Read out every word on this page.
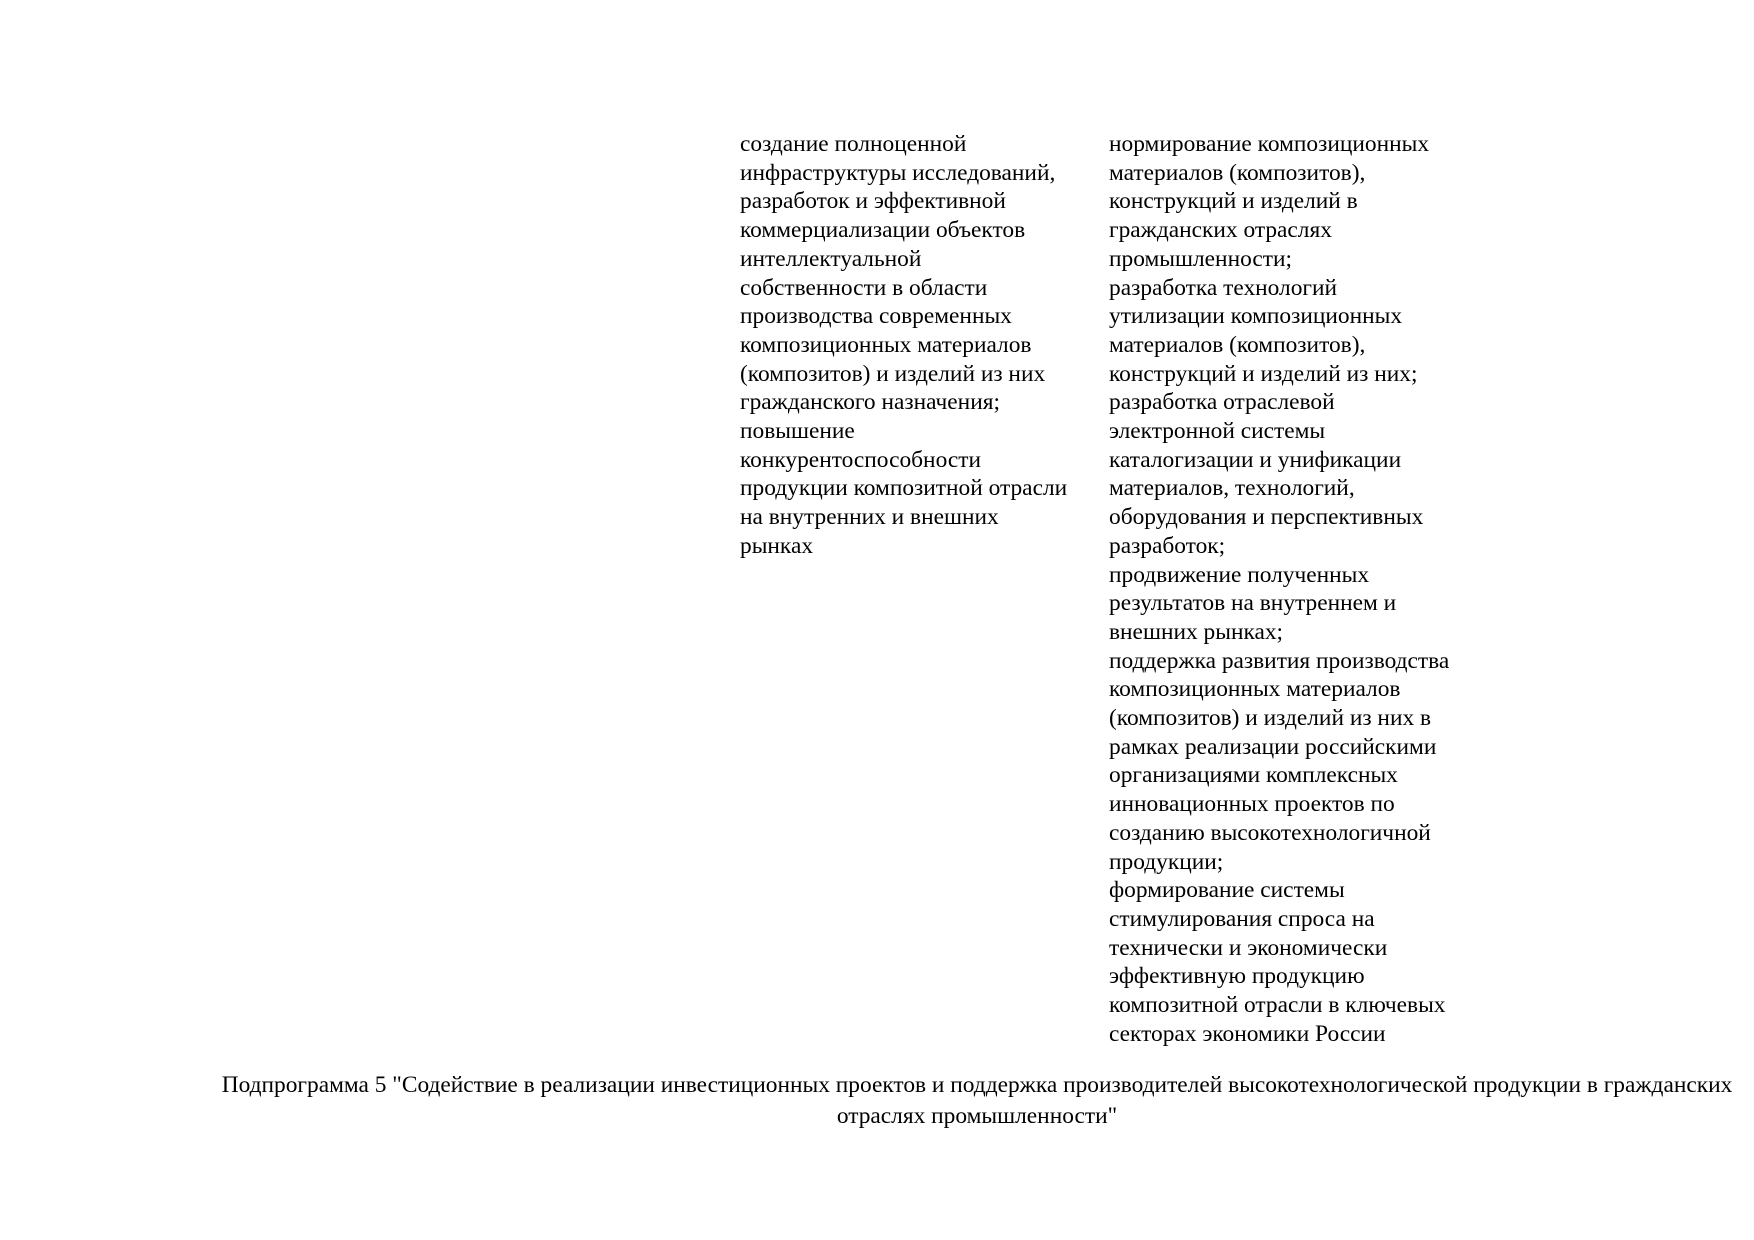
создание полноценной
инфраструктуры исследований,
разработок и эффективной
коммерциализации объектов
интеллектуальной
собственности в области
производства современных
композиционных материалов
(композитов) и изделий из них
гражданского назначения;
повышение
конкурентоспособности
продукции композитной отрасли
на внутренних и внешних
рынках
нормирование композиционных
материалов (композитов),
конструкций и изделий в
гражданских отраслях
промышленности;
разработка технологий
утилизации композиционных
материалов (композитов),
конструкций и изделий из них;
разработка отраслевой
электронной системы
каталогизации и унификации
материалов, технологий,
оборудования и перспективных
разработок;
продвижение полученных
результатов на внутреннем и
внешних рынках;
поддержка развития производства
композиционных материалов
(композитов) и изделий из них в
рамках реализации российскими
организациями комплексных
инновационных проектов по
созданию высокотехнологичной
продукции;
формирование системы
стимулирования спроса на
технически и экономически
эффективную продукцию
композитной отрасли в ключевых
секторах экономики России
Подпрограмма 5 "Содействие в реализации инвестиционных проектов и поддержка производителей высокотехнологической продукции в гражданских
отраслях промышленности"
